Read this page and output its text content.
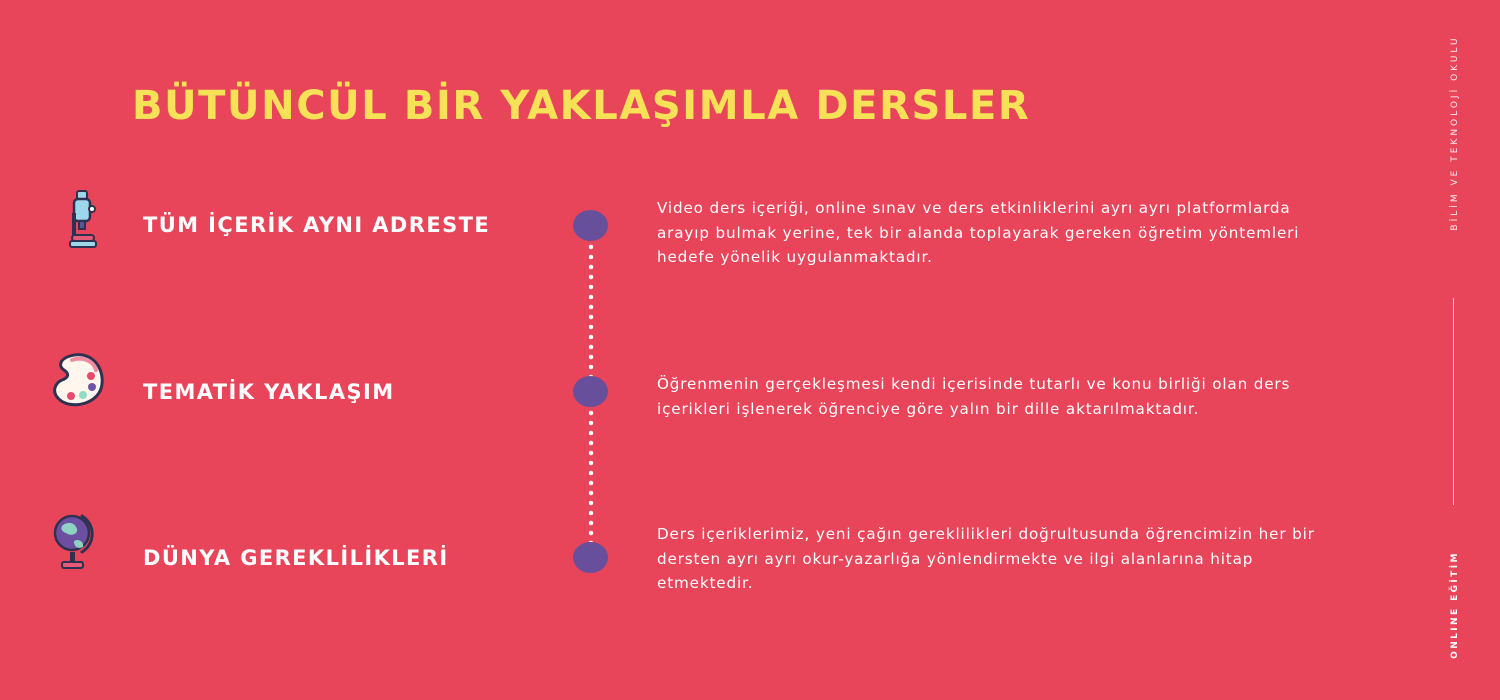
BÜTÜNCÜL BİR YAKLAŞIMLA DERSLER
TÜM İÇERİK AYNI ADRESTE

Video ders içeriği, online sınav ve ders etkinliklerini ayrı ayrı platformlarda arayıp bulmak yerine, tek bir alanda toplayarak gereken öğretim yöntemleri hedefe yönelik uygulanmaktadır.

TEMATİK YAKLAŞIM	Öğrenmenin gerçekleşmesi kendi içerisinde tutarlı ve konu birliği olan ders içerikleri işlenerek öğrenciye göre yalın bir dille aktarılmaktadır.

DÜNYA GEREKLİLİKLERİ

Ders içeriklerimiz, yeni çağın gereklilikleri doğrultusunda öğrencimizin her bir dersten ayrı ayrı okur-yazarlığa yönlendirmekte ve ilgi alanlarına hitap etmektedir.

BİLİM VE TEKNOLOJİ OKULU
ONLINE EĞİTİM
